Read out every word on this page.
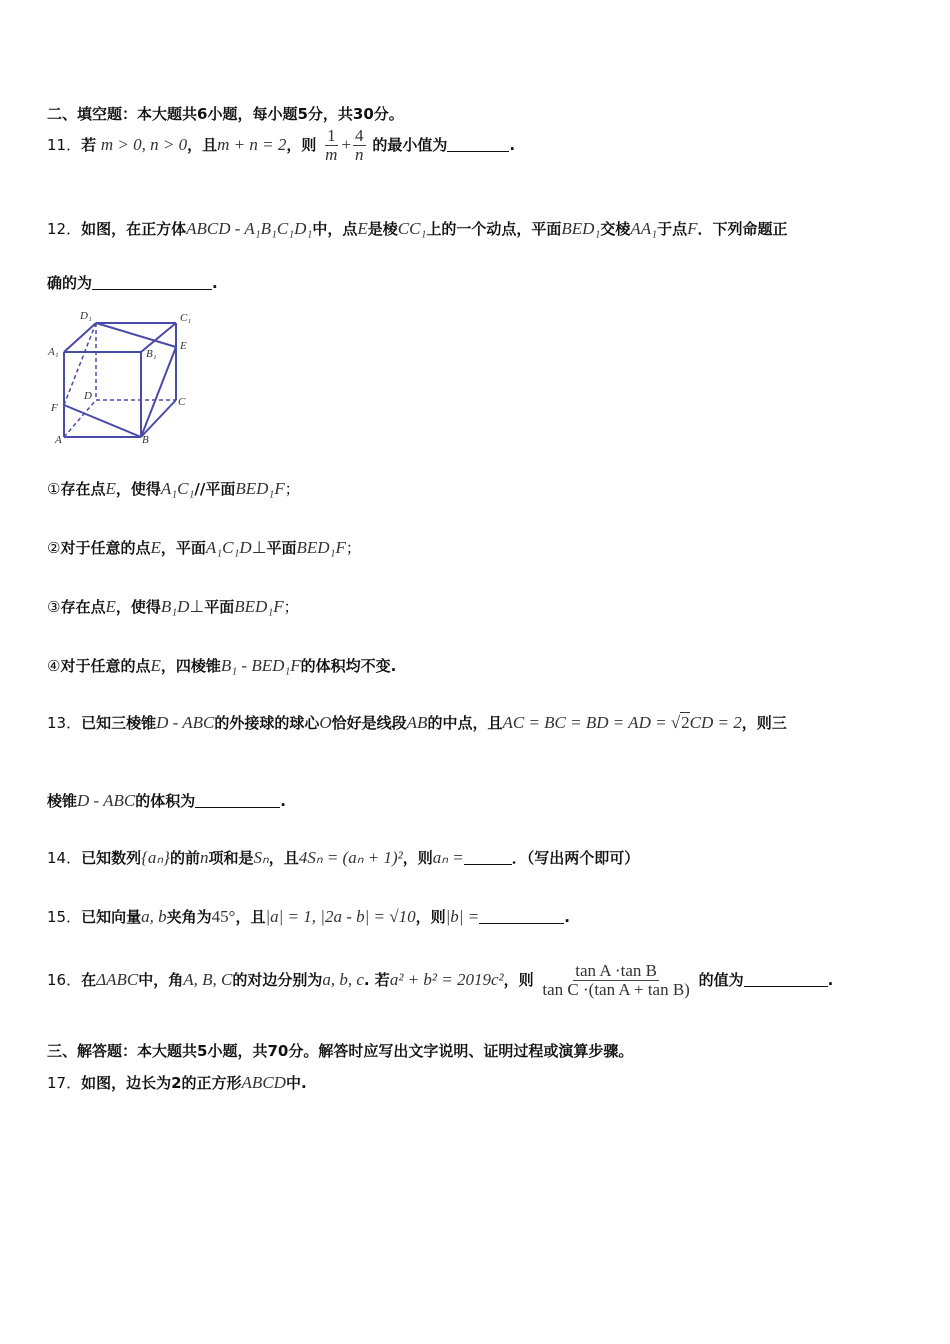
二、填空题：本大题共6小题，每小题5分，共30分。
11．若 m > 0, n > 0，且m + n = 2，则 $\frac{1}{m} + \frac{4}{n}$ 的最小值为	.
12．如图，在正方体ABCD - A₁B₁C₁D₁中，点E是棱CC₁上的一个动点，平面BED₁交棱AA₁于点F．下列命题正
确的为	.
D₁	C₁
A₁	B₁
E
D	C
F
A	B
①存在点E，使得A₁C₁//平面BED₁F；
②对于任意的点E，平面A₁C₁D⊥平面BED₁F；
③存在点E，使得B₁D⊥平面BED₁F；
④对于任意的点E，四棱锥B₁ - BED₁F的体积均不变.
13．已知三棱锥D - ABC的外接球的球心O恰好是线段AB的中点，且AC = BC = BD = AD = √2CD = 2，则三
棱锥D - ABC的体积为	.
14．已知数列{aₙ}的前n项和是Sₙ，且4Sₙ = (aₙ + 1)²，则aₙ =	．（写出两个即可）
15．已知向量a, b夹角为45°，且|a| = 1, |2a - b| = √10，则|b| =	.
16．在ΔABC中，角A, B, C的对边分别为a, b, c. 若a² + b² = 2019c²，则 $\frac{\text{tan A ·tan B}}{\text{tan C ·(tan A + tan B)}}$ 的值为	.
三、解答题：本大题共5小题，共70分。解答时应写出文字说明、证明过程或演算步骤。
17．如图，边长为2的正方形ABCD中.
